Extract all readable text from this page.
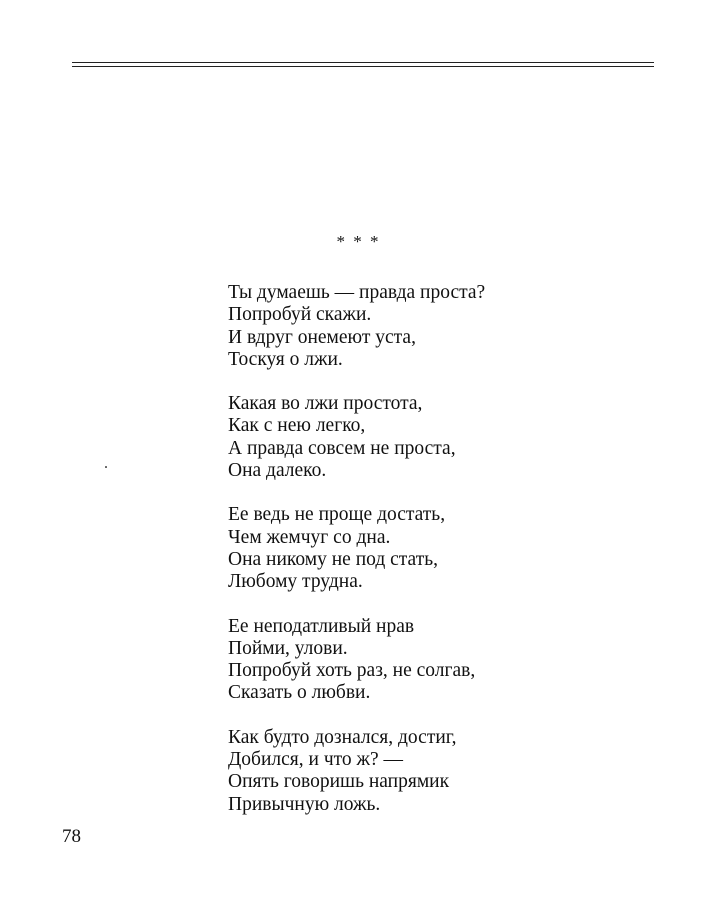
* * *
Ты думаешь — правда проста?
Попробуй скажи.
И вдруг онемеют уста,
Тоскуя о лжи.
Какая во лжи простота,
Как с нею легко,
А правда совсем не проста,
Она далеко.
Ее ведь не проще достать,
Чем жемчуг со дна.
Она никому не под стать,
Любому трудна.
Ее неподатливый нрав
Пойми, улови.
Попробуй хоть раз, не солгав,
Сказать о любви.
Как будто дознался, достиг,
Добился, и что ж? —
Опять говоришь напрямик
Привычную ложь.
78
